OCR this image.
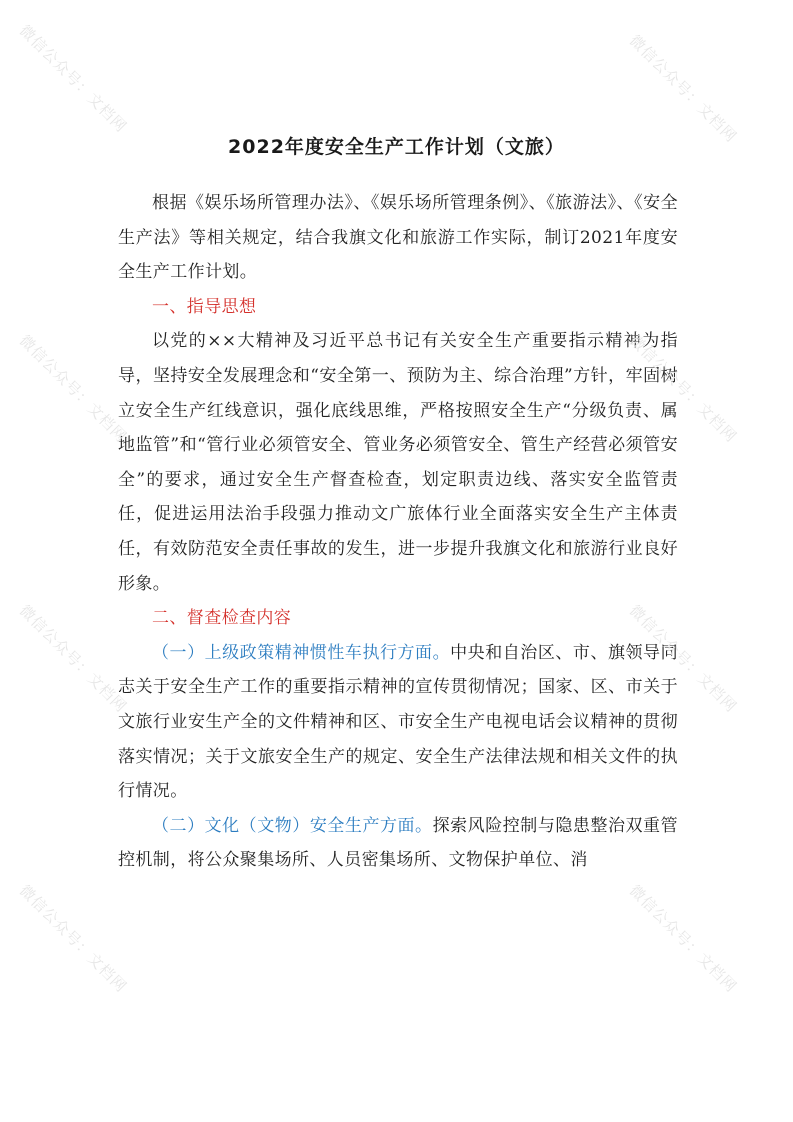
2022年度安全生产工作计划（文旅）

根据《娱乐场所管理办法》、《娱乐场所管理条例》、《旅游法》、《安全生产法》等相关规定，结合我旗文化和旅游工作实际，制订2021年度安全生产工作计划。

一、指导思想

以党的××大精神及习近平总书记有关安全生产重要指示精神为指导，坚持安全发展理念和“安全第一、预防为主、综合治理”方针，牢固树立安全生产红线意识，强化底线思维，严格按照安全生产“分级负责、属地监管”和“管行业必须管安全、管业务必须管安全、管生产经营必须管安全”的要求，通过安全生产督查检查，划定职责边线、落实安全监管责任，促进运用法治手段强力推动文广旅体行业全面落实安全生产主体责任，有效防范安全责任事故的发生，进一步提升我旗文化和旅游行业良好形象。

二、督查检查内容

（一）上级政策精神惯性车执行方面。中央和自治区、市、旗领导同志关于安全生产工作的重要指示精神的宣传贯彻情况；国家、区、市关于文旅行业安生产全的文件精神和区、市安全生产电视电话会议精神的贯彻落实情况；关于文旅安全生产的规定、安全生产法律法规和相关文件的执行情况。

（二）文化（文物）安全生产方面。探索风险控制与隐患整治双重管控机制，将公众聚集场所、人员密集场所、文物保护单位、消

微信公众号：文档网	微信公众号：文档网
微信公众号：文档网	微信公众号：文档网
微信公众号：文档网	微信公众号：文档网
微信公众号：文档网	微信公众号：文档网
